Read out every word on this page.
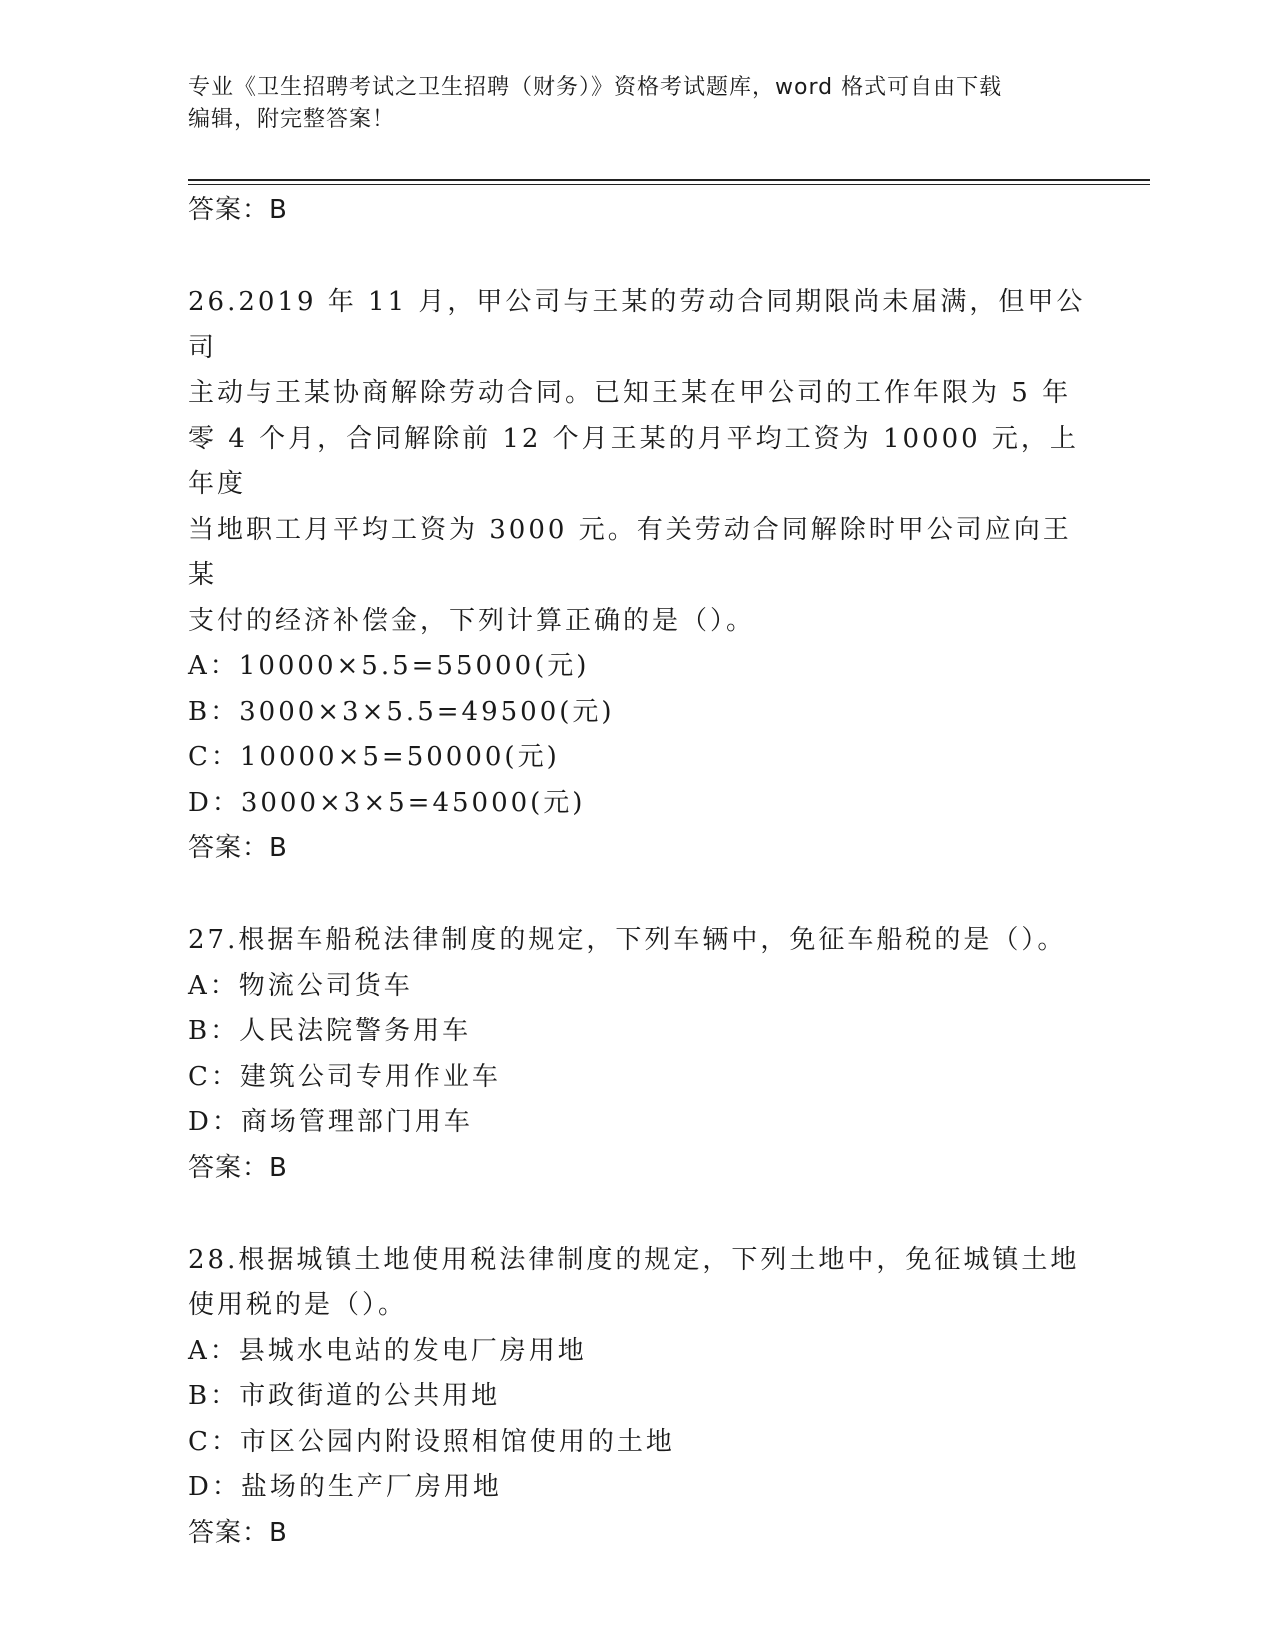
专业《卫生招聘考试之卫生招聘（财务）》资格考试题库，word 格式可自由下载
编辑，附完整答案！
答案：B
26.2019 年 11 月，甲公司与王某的劳动合同期限尚未届满，但甲公司
主动与王某协商解除劳动合同。已知王某在甲公司的工作年限为 5 年
零 4 个月，合同解除前 12 个月王某的月平均工资为 10000 元，上年度
当地职工月平均工资为 3000 元。有关劳动合同解除时甲公司应向王某
支付的经济补偿金，下列计算正确的是（）。
A：10000×5.5=55000(元)
B：3000×3×5.5=49500(元)
C：10000×5=50000(元)
D：3000×3×5=45000(元)
答案：B
27.根据车船税法律制度的规定，下列车辆中，免征车船税的是（）。
A：物流公司货车
B：人民法院警务用车
C：建筑公司专用作业车
D：商场管理部门用车
答案：B
28.根据城镇土地使用税法律制度的规定，下列土地中，免征城镇土地
使用税的是（）。
A：县城水电站的发电厂房用地
B：市政街道的公共用地
C：市区公园内附设照相馆使用的土地
D：盐场的生产厂房用地
答案：B
